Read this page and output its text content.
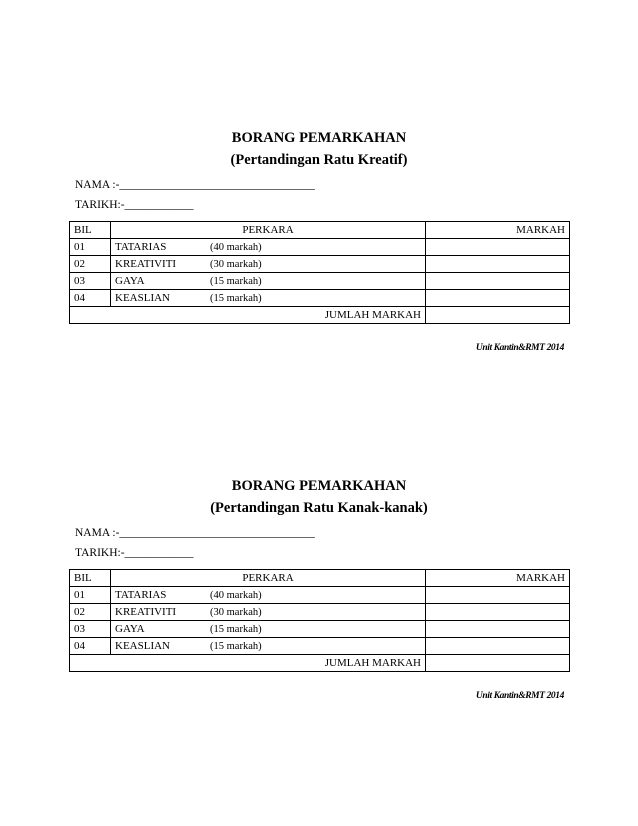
BORANG PEMARKAHAN
(Pertandingan Ratu Kreatif)
NAMA :-__________________________________
TARIKH:-____________
BIL	PERKARA	MARKAH
01	TATARIAS (40 markah)	
02	KREATIVITI (30 markah)	
03	GAYA (15 markah)	
04	KEASLIAN (15 markah)	
JUMLAH MARKAH		
Unit Kantin&RMT 2014
BORANG PEMARKAHAN
(Pertandingan Ratu Kanak-kanak)
NAMA :-__________________________________
TARIKH:-____________
BIL	PERKARA	MARKAH
01	TATARIAS (40 markah)	
02	KREATIVITI (30 markah)	
03	GAYA (15 markah)	
04	KEASLIAN (15 markah)	
JUMLAH MARKAH		
Unit Kantin&RMT 2014
